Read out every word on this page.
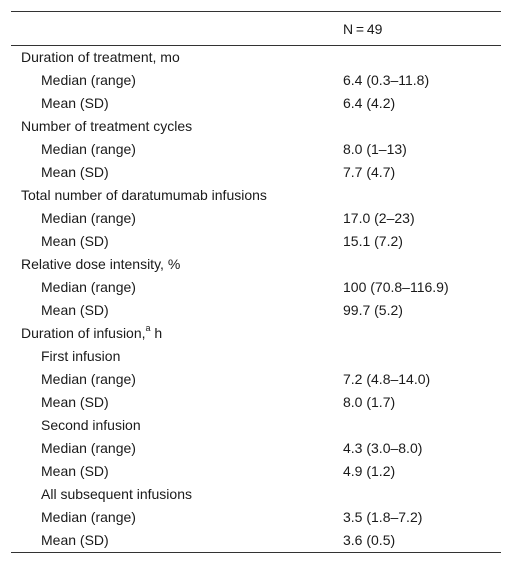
	N = 49
Duration of treatment, mo	
Median (range)	6.4 (0.3–11.8)
Mean (SD)	6.4 (4.2)
Number of treatment cycles	
Median (range)	8.0 (1–13)
Mean (SD)	7.7 (4.7)
Total number of daratumumab infusions	
Median (range)	17.0 (2–23)
Mean (SD)	15.1 (7.2)
Relative dose intensity, %	
Median (range)	100 (70.8–116.9)
Mean (SD)	99.7 (5.2)
Duration of infusion,$^a$ h	
First infusion	
Median (range)	7.2 (4.8–14.0)
Mean (SD)	8.0 (1.7)
Second infusion	
Median (range)	4.3 (3.0–8.0)
Mean (SD)	4.9 (1.2)
All subsequent infusions	
Median (range)	3.5 (1.8–7.2)
Mean (SD)	3.6 (0.5)
